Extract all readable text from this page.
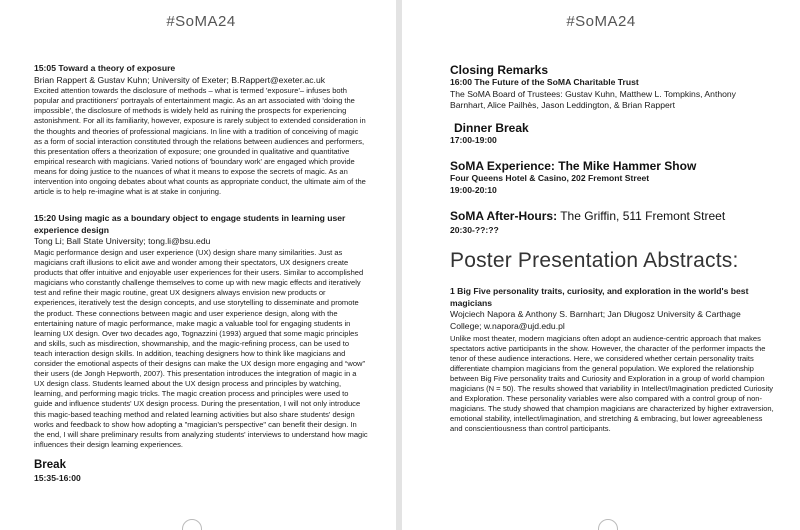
#SoMA24
15:05 Toward a theory of exposure
Brian Rappert & Gustav Kuhn; University of Exeter; B.Rappert@exeter.ac.uk
Excited attention towards the disclosure of methods – what is termed 'exposure'– infuses both popular and practitioners' portrayals of entertainment magic. As an art associated with 'doing the impossible', the disclosure of methods is widely held as ruining the prospects for experiencing astonishment. For all its familiarity, however, exposure is rarely subject to extended consideration in the thoughts and theories of professional magicians. In line with a tradition of conceiving of magic as a form of social interaction constituted through the relations between audiences and performers, this presentation offers a theorization of exposure; one grounded in qualitative and quantitative empirical research with magicians. Varied notions of 'boundary work' are engaged which provide means for doing justice to the nuances of what it means to expose the secrets of magic. As an intervention into ongoing debates about what counts as appropriate conduct, the ultimate aim of the article is to help re-imagine what is at stake in conjuring.
15:20 Using magic as a boundary object to engage students in learning user experience design
Tong Li; Ball State University; tong.li@bsu.edu
Magic performance design and user experience (UX) design share many similarities. Just as magicians craft illusions to elicit awe and wonder among their spectators, UX designers create products that offer intuitive and enjoyable user experiences for their users. Similar to accomplished magicians who constantly challenge themselves to come up with new magic effects and iteratively test and refine their magic routine, great UX designers always envision new products or experiences, iteratively test the design concepts, and use storytelling to disseminate and promote the product. These connections between magic and user experience design, along with the entertaining nature of magic performance, make magic a valuable tool for engaging students in learning UX design. Over two decades ago, Tognazzini (1993) argued that some magic principles and skills, such as misdirection, showmanship, and the magic-refining process, can be used to teach interaction design skills. In addition, teaching designers how to think like magicians and consider the emotional aspects of their designs can make the UX design more engaging and “wow” their users (de Jongh Hepworth, 2007). This presentation introduces the integration of magic in a UX design class. Students learned about the UX design process and principles by watching, learning, and performing magic tricks. The magic creation process and principles were used to guide and influence students' UX design process. During the presentation, I will not only introduce this magic-based teaching method and related learning activities but also share students' design works and feedback to show how adopting a "magician's perspective" can benefit their design. In the end, I will share preliminary results from analyzing students' interviews to understand how magic influences their design learning experiences.
Break
15:35-16:00
#SoMA24
Closing Remarks
16:00 The Future of the SoMA Charitable Trust
The SoMA Board of Trustees: Gustav Kuhn, Matthew L. Tompkins, Anthony
Barnhart, Alice Pailhès, Jason Leddington, & Brian Rappert
Dinner Break
17:00-19:00
SoMA Experience: The Mike Hammer Show
Four Queens Hotel & Casino, 202 Fremont Street
19:00-20:10
SoMA After-Hours: The Griffin, 511 Fremont Street
20:30-??:??
Poster Presentation Abstracts:
1 Big Five personality traits, curiosity, and exploration in the world's best magicians
Wojciech Napora & Anthony S. Barnhart; Jan Długosz University & Carthage
College; w.napora@ujd.edu.pl
Unlike most theater, modern magicians often adopt an audience-centric approach that makes spectators active participants in the show. However, the character of the performer impacts the tenor of these audience interactions. Here, we considered whether certain personality traits differentiate champion magicians from the general population. We explored the relationship between Big Five personality traits and Curiosity and Exploration in a group of world champion magicians (N = 50). The results showed that variability in Intellect/Imagination predicted Curiosity and Exploration. These personality variables were also compared with a control group of non-magicians. The study showed that champion magicians are characterized by higher extraversion, emotional stability, intellect/imagination, and stretching & embracing, but lower agreeableness and conscientiousness than control participants.
